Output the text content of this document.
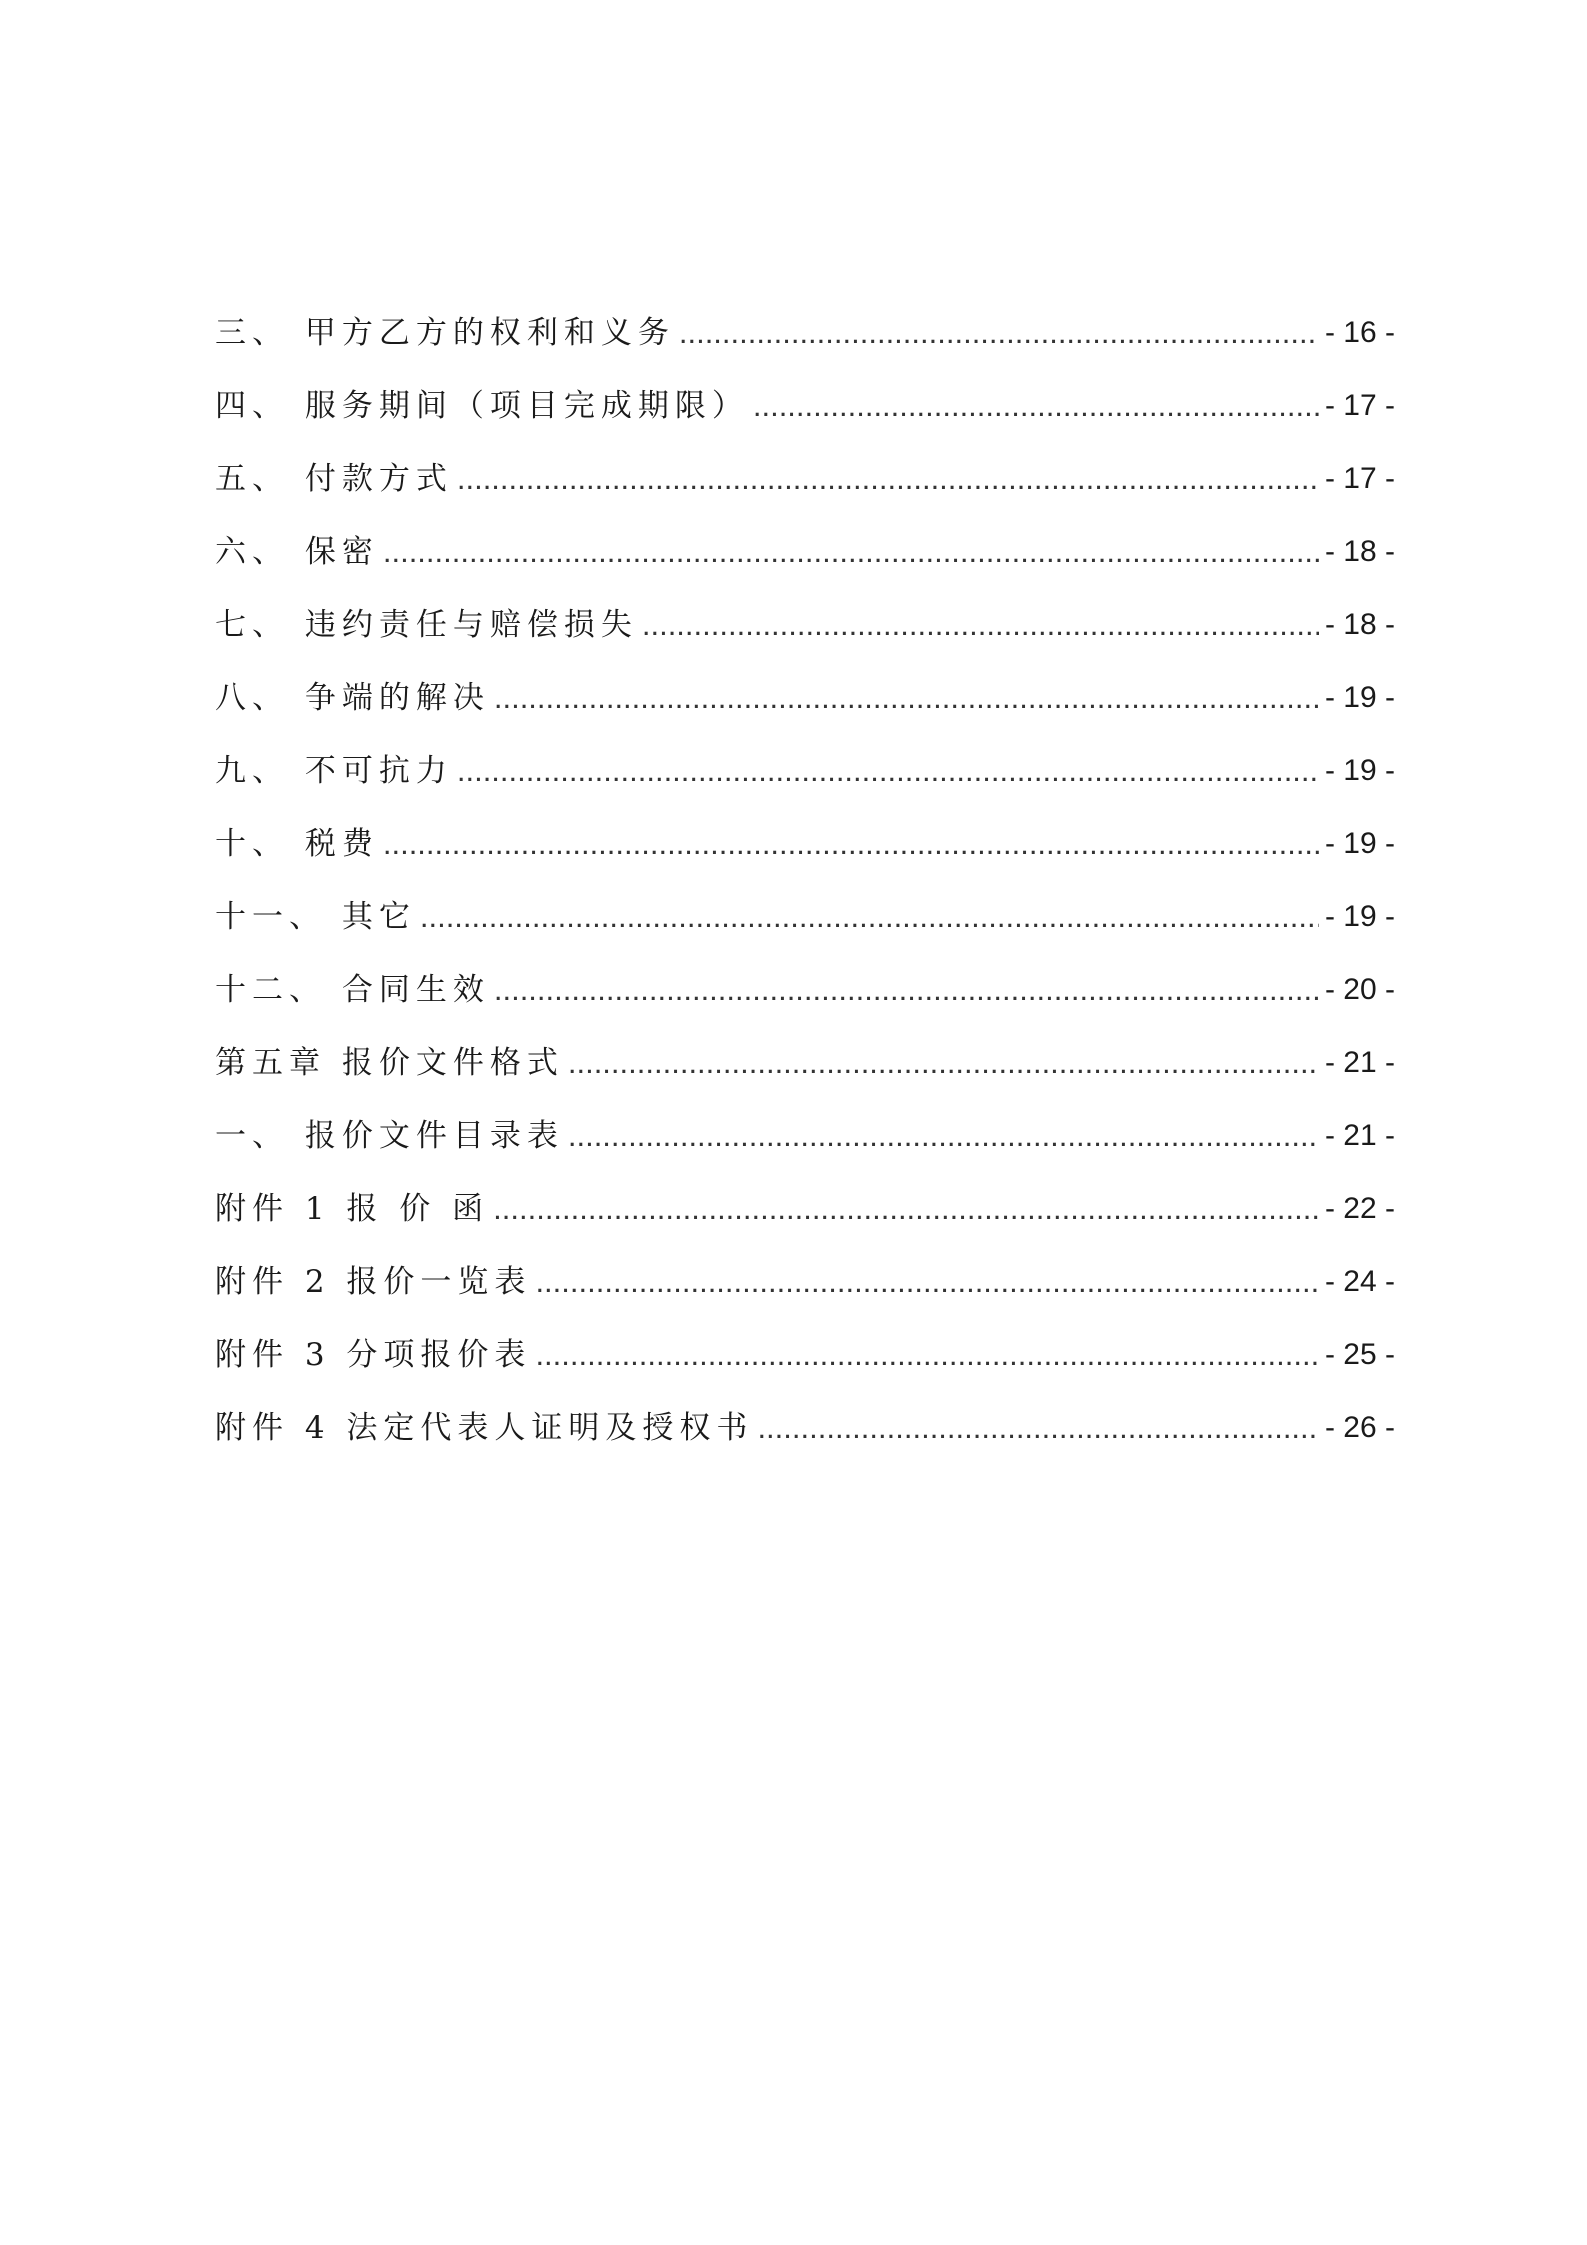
三、 甲方乙方的权利和义务 .....	- 16 -
四、 服务期间（项目完成期限） .....	- 17 -
五、 付款方式 .....	- 17 -
六、 保密 .....	- 18 -
七、 违约责任与赔偿损失 .....	- 18 -
八、 争端的解决 .....	- 19 -
九、 不可抗力 .....	- 19 -
十、 税费 .....	- 19 -
十一、 其它 .....	- 19 -
十二、 合同生效 .....	- 20 -
第五章 报价文件格式 .....	- 21 -
一、 报价文件目录表 .....	- 21 -
附件 1 报 价 函 .....	- 22 -
附件 2 报价一览表 .....	- 24 -
附件 3 分项报价表 .....	- 25 -
附件 4 法定代表人证明及授权书 .....	- 26 -
